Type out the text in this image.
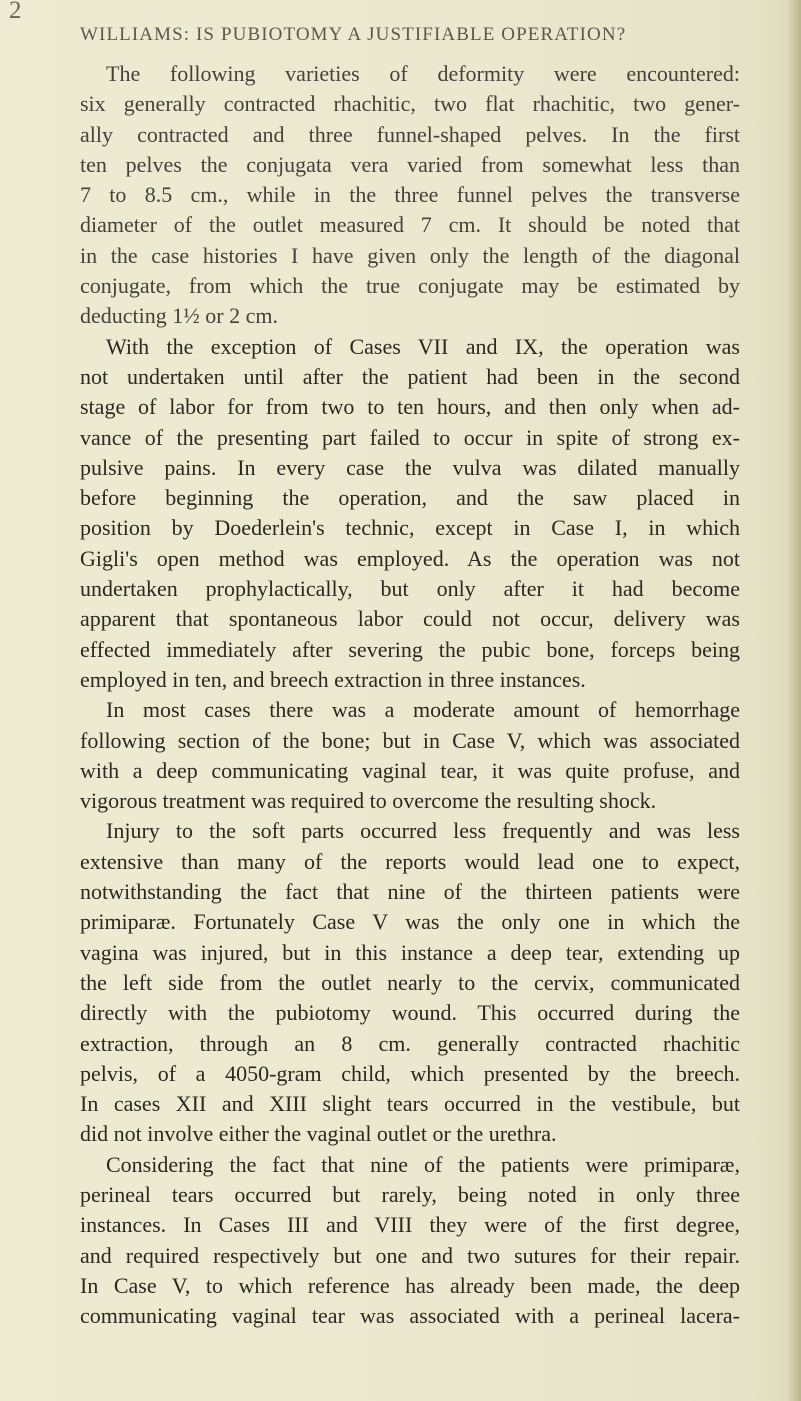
2
WILLIAMS: IS PUBIOTOMY A JUSTIFIABLE OPERATION?
The following varieties of deformity were encountered:
six generally contracted rhachitic, two flat rhachitic, two gener-
ally contracted and three funnel-shaped pelves. In the first
ten pelves the conjugata vera varied from somewhat less than
7 to 8.5 cm., while in the three funnel pelves the transverse
diameter of the outlet measured 7 cm. It should be noted that
in the case histories I have given only the length of the diagonal
conjugate, from which the true conjugate may be estimated by
deducting 1½ or 2 cm.
With the exception of Cases VII and IX, the operation was
not undertaken until after the patient had been in the second
stage of labor for from two to ten hours, and then only when ad-
vance of the presenting part failed to occur in spite of strong ex-
pulsive pains. In every case the vulva was dilated manually
before beginning the operation, and the saw placed in
position by Doederlein's technic, except in Case I, in which
Gigli's open method was employed. As the operation was not
undertaken prophylactically, but only after it had become
apparent that spontaneous labor could not occur, delivery was
effected immediately after severing the pubic bone, forceps being
employed in ten, and breech extraction in three instances.
In most cases there was a moderate amount of hemorrhage
following section of the bone; but in Case V, which was associated
with a deep communicating vaginal tear, it was quite profuse, and
vigorous treatment was required to overcome the resulting shock.
Injury to the soft parts occurred less frequently and was less
extensive than many of the reports would lead one to expect,
notwithstanding the fact that nine of the thirteen patients were
primiparæ. Fortunately Case V was the only one in which the
vagina was injured, but in this instance a deep tear, extending up
the left side from the outlet nearly to the cervix, communicated
directly with the pubiotomy wound. This occurred during the
extraction, through an 8 cm. generally contracted rhachitic
pelvis, of a 4050-gram child, which presented by the breech.
In cases XII and XIII slight tears occurred in the vestibule, but
did not involve either the vaginal outlet or the urethra.
Considering the fact that nine of the patients were primiparæ,
perineal tears occurred but rarely, being noted in only three
instances. In Cases III and VIII they were of the first degree,
and required respectively but one and two sutures for their repair.
In Case V, to which reference has already been made, the deep
communicating vaginal tear was associated with a perineal lacera-
